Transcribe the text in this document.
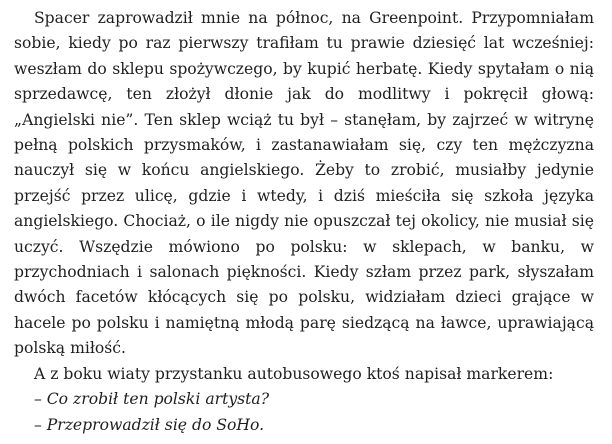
Spacer zaprowadził mnie na północ, na Greenpoint. Przypomniałam sobie, kiedy po raz pierwszy trafiłam tu prawie dziesięć lat wcześniej: weszłam do sklepu spożywczego, by kupić herbatę. Kiedy spytałam o nią sprzedawcę, ten złożył dłonie jak do modlitwy i pokręcił głową: „Angielski nie”. Ten sklep wciąż tu był – stanęłam, by zajrzeć w witrynę pełną polskich przysmaków, i zastanawiałam się, czy ten mężczyzna nauczył się w końcu angielskiego. Żeby to zrobić, musiałby jedynie przejść przez ulicę, gdzie i wtedy, i dziś mieściła się szkoła języka angielskiego. Chociaż, o ile nigdy nie opuszczał tej okolicy, nie musiał się uczyć. Wszędzie mówiono po polsku: w sklepach, w banku, w przychodniach i salonach piękności. Kiedy szłam przez park, słyszałam dwóch facetów kłócących się po polsku, widziałam dzieci grające w hacele po polsku i namiętną młodą parę siedzącą na ławce, uprawiającą polską miłość.

A z boku wiaty przystanku autobusowego ktoś napisał markerem:

– Co zrobił ten polski artysta?

– Przeprowadził się do SoHo.
